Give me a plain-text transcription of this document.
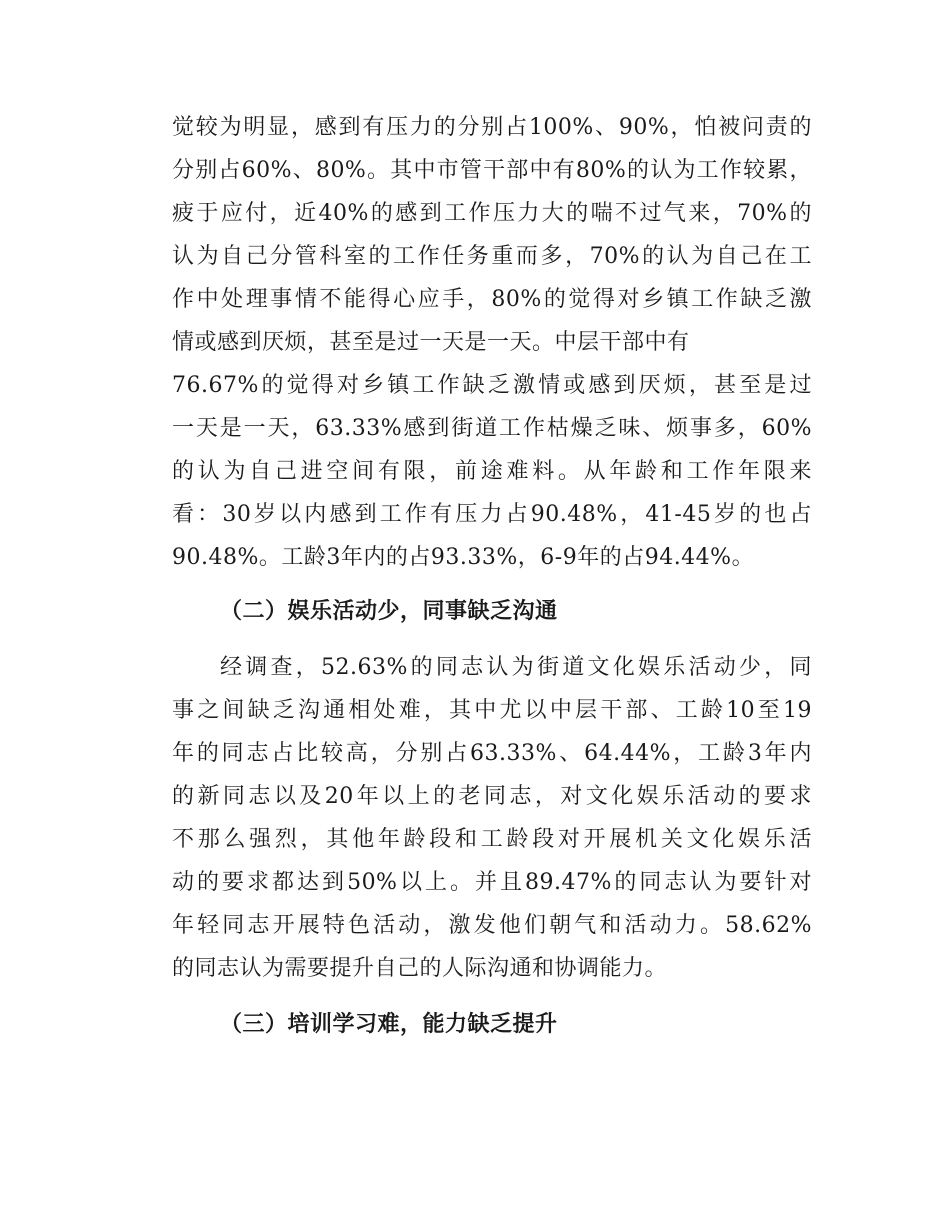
觉较为明显，感到有压力的分别占100%、90%，怕被问责的
分别占60%、80%。其中市管干部中有80%的认为工作较累，
疲于应付，近40%的感到工作压力大的喘不过气来，70%的
认为自己分管科室的工作任务重而多，70%的认为自己在工
作中处理事情不能得心应手，80%的觉得对乡镇工作缺乏激
情或感到厌烦，甚至是过一天是一天。中层干部中有
76.67%的觉得对乡镇工作缺乏激情或感到厌烦，甚至是过
一天是一天，63.33%感到街道工作枯燥乏味、烦事多，60%
的认为自己进空间有限，前途难料。从年龄和工作年限来
看：30岁以内感到工作有压力占90.48%，41-45岁的也占
90.48%。工龄3年内的占93.33%，6-9年的占94.44%。
（二）娱乐活动少，同事缺乏沟通
经调查，52.63%的同志认为街道文化娱乐活动少，同
事之间缺乏沟通相处难，其中尤以中层干部、工龄10至19
年的同志占比较高，分别占63.33%、64.44%，工龄3年内
的新同志以及20年以上的老同志，对文化娱乐活动的要求
不那么强烈，其他年龄段和工龄段对开展机关文化娱乐活
动的要求都达到50%以上。并且89.47%的同志认为要针对
年轻同志开展特色活动，激发他们朝气和活动力。58.62%
的同志认为需要提升自己的人际沟通和协调能力。
（三）培训学习难，能力缺乏提升
